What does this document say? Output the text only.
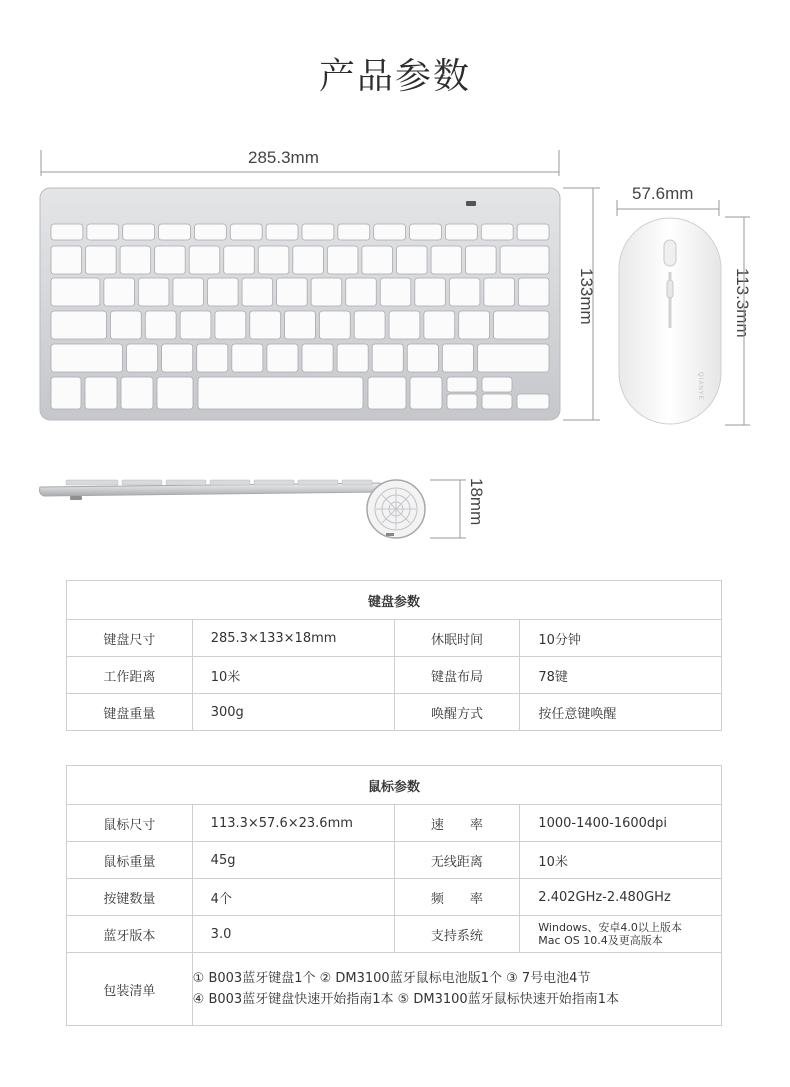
产品参数
285.3mm
57.6mm
133mm	113.3mm
18mm
QIANYE
键盘参数			
键盘尺寸	285.3×133×18mm	休眠时间	10分钟
工作距离	10米	键盘布局	78键
键盘重量	300g	唤醒方式	按任意键唤醒
鼠标参数			
鼠标尺寸	113.3×57.6×23.6mm	速　　率	1000-1400-1600dpi
鼠标重量	45g	无线距离	10米
按键数量	4个	频　　率	2.402GHz-2.480GHz
蓝牙版本	3.0	支持系统	Windows、安卓4.0以上版本
Mac OS 10.4及更高版本

包装清单	① B003蓝牙键盘1个 ② DM3100蓝牙鼠标电池版1个 ③ 7号电池4节
④ B003蓝牙键盘快速开始指南1本 ⑤ DM3100蓝牙鼠标快速开始指南1本		
